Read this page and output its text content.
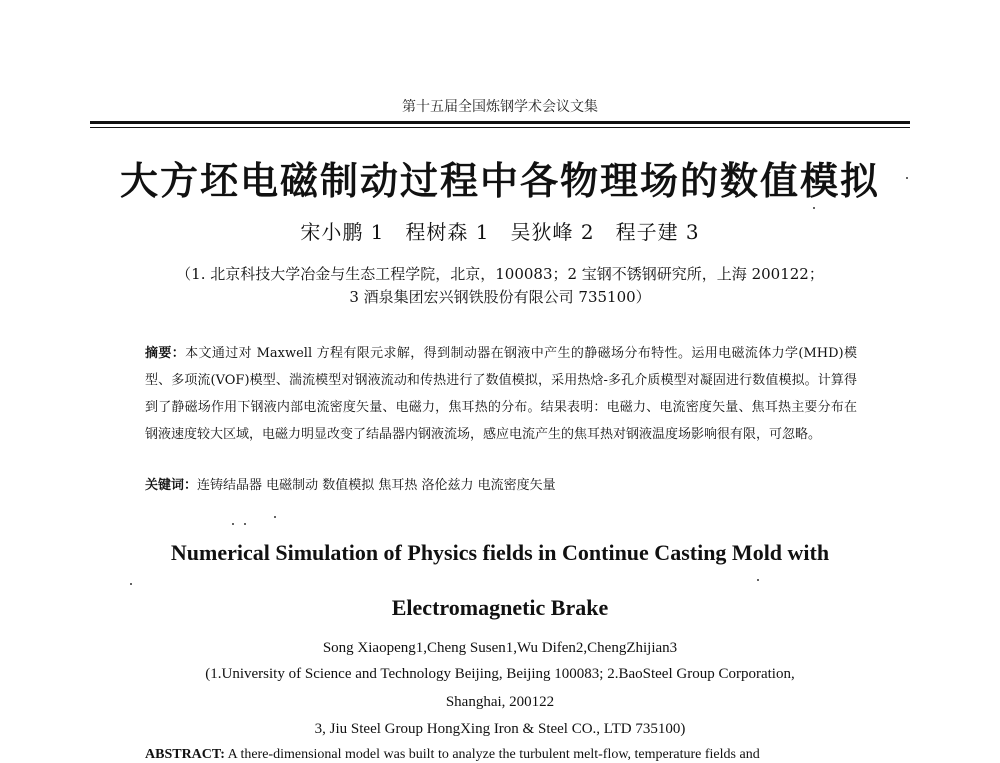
第十五届全国炼钢学术会议文集
大方坯电磁制动过程中各物理场的数值模拟
宋小鹏 1　程树森 1　吴狄峰 2　程子建 3
（1. 北京科技大学冶金与生态工程学院，北京，100083；2 宝钢不锈钢研究所，上海 200122；
3 酒泉集团宏兴钢铁股份有限公司 735100）
摘要：本文通过对 Maxwell 方程有限元求解，得到制动器在钢液中产生的静磁场分布特性。运用电磁流体力学(MHD)模型、多项流(VOF)模型、湍流模型对钢液流动和传热进行了数值模拟，采用热焓-多孔介质模型对凝固进行数值模拟。计算得到了静磁场作用下钢液内部电流密度矢量、电磁力，焦耳热的分布。结果表明：电磁力、电流密度矢量、焦耳热主要分布在钢液速度较大区域，电磁力明显改变了结晶器内钢液流场，感应电流产生的焦耳热对钢液温度场影响很有限，可忽略。
关键词：连铸结晶器 电磁制动 数值模拟 焦耳热 洛伦兹力 电流密度矢量
Numerical Simulation of Physics fields in Continue Casting Mold with
Electromagnetic Brake
Song Xiaopeng1,Cheng Susen1,Wu Difen2,ChengZhijian3
(1.University of Science and Technology Beijing, Beijing 100083; 2.BaoSteel Group Corporation,
Shanghai, 200122
3, Jiu Steel Group HongXing Iron & Steel CO., LTD 735100)
ABSTRACT: A there-dimensional model was built to analyze the turbulent melt-flow, temperature fields and
